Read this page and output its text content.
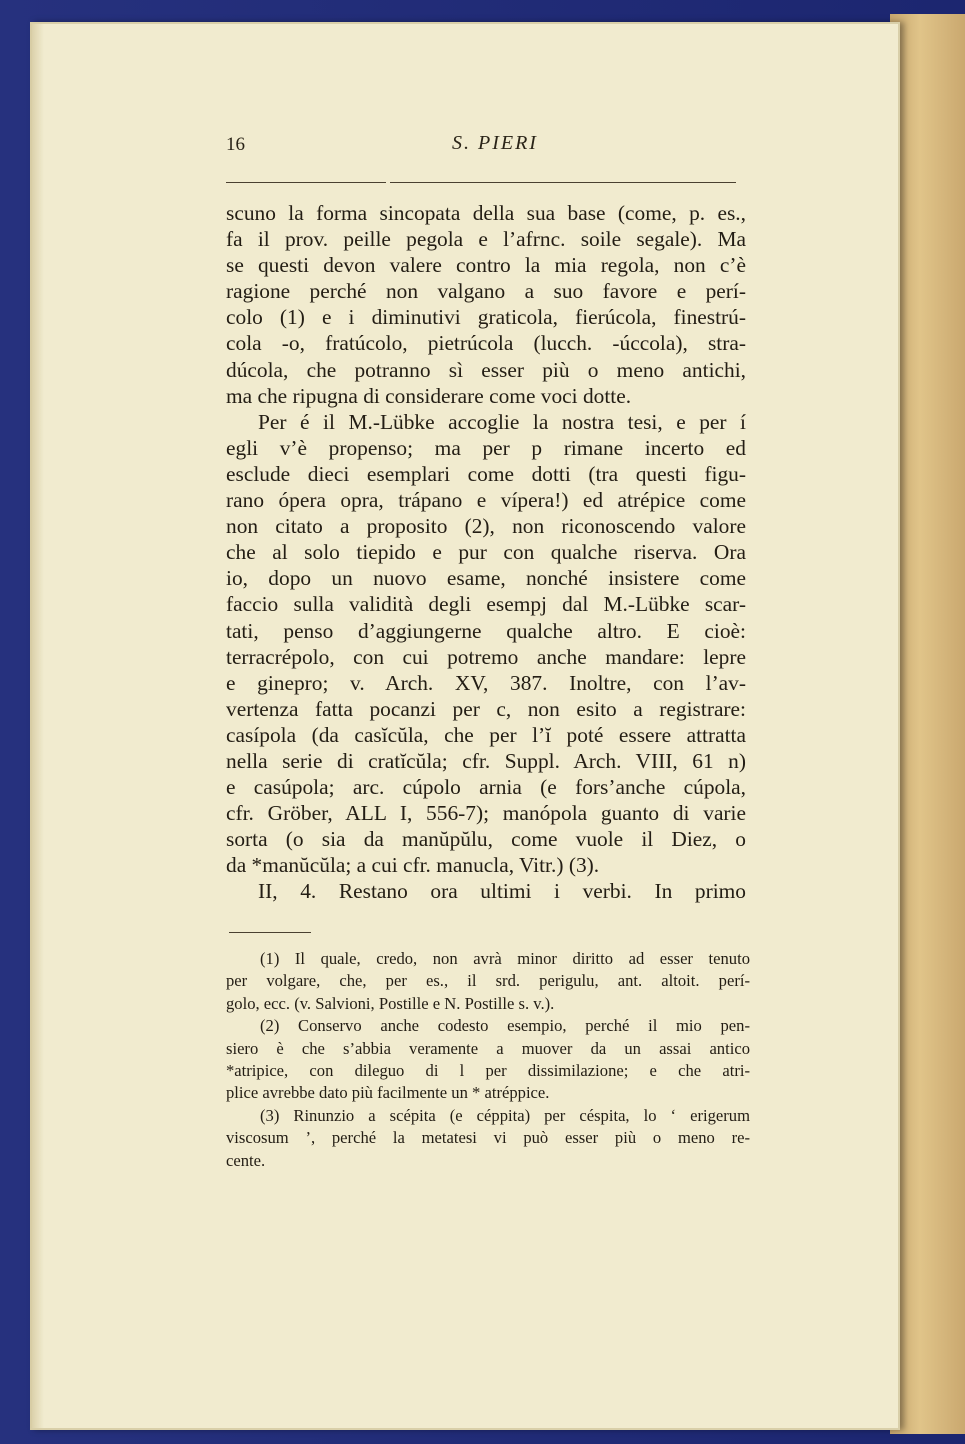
16	S. PIERI
scuno la forma sincopata della sua base (come, p. es.,
fa il prov. peille pegola e l’afrnc. soile segale). Ma
se questi devon valere contro la mia regola, non c’è
ragione perché non valgano a suo favore e perí-
colo (1) e i diminutivi graticola, fierúcola, finestrú-
cola -o, fratúcolo, pietrúcola (lucch. -úccola), stra-
dúcola, che potranno sì esser più o meno antichi,
ma che ripugna di considerare come voci dotte.
Per é il M.-Lübke accoglie la nostra tesi, e per í
egli v’è propenso; ma per p rimane incerto ed
esclude dieci esemplari come dotti (tra questi figu-
rano ópera opra, trápano e vípera!) ed atrépice come
non citato a proposito (2), non riconoscendo valore
che al solo tiepido e pur con qualche riserva. Ora
io, dopo un nuovo esame, nonché insistere come
faccio sulla validità degli esempj dal M.-Lübke scar-
tati, penso d’aggiungerne qualche altro. E cioè:
terracrépolo, con cui potremo anche mandare: lepre
e ginepro; v. Arch. XV, 387. Inoltre, con l’av-
vertenza fatta pocanzi per c, non esito a registrare:
casípola (da casĭcŭla, che per l’ĭ poté essere attratta
nella serie di cratĭcŭla; cfr. Suppl. Arch. VIII, 61 n)
e casúpola; arc. cúpolo arnia (e fors’anche cúpola,
cfr. Gröber, ALL I, 556-7); manópola guanto di varie
sorta (o sia da manŭpŭlu, come vuole il Diez, o
da *manŭcŭla; a cui cfr. manucla, Vitr.) (3).
II, 4. Restano ora ultimi i verbi. In primo
(1) Il quale, credo, non avrà minor diritto ad esser tenuto
per volgare, che, per es., il srd. perigulu, ant. altoit. perí-
golo, ecc. (v. Salvioni, Postille e N. Postille s. v.).
(2) Conservo anche codesto esempio, perché il mio pen-
siero è che s’abbia veramente a muover da un assai antico
*atripice, con dileguo di l per dissimilazione; e che atri-
plice avrebbe dato più facilmente un * atréppice.
(3) Rinunzio a scépita (e céppita) per céspita, lo ‘ erigerum
viscosum ’, perché la metatesi vi può esser più o meno re-
cente.
